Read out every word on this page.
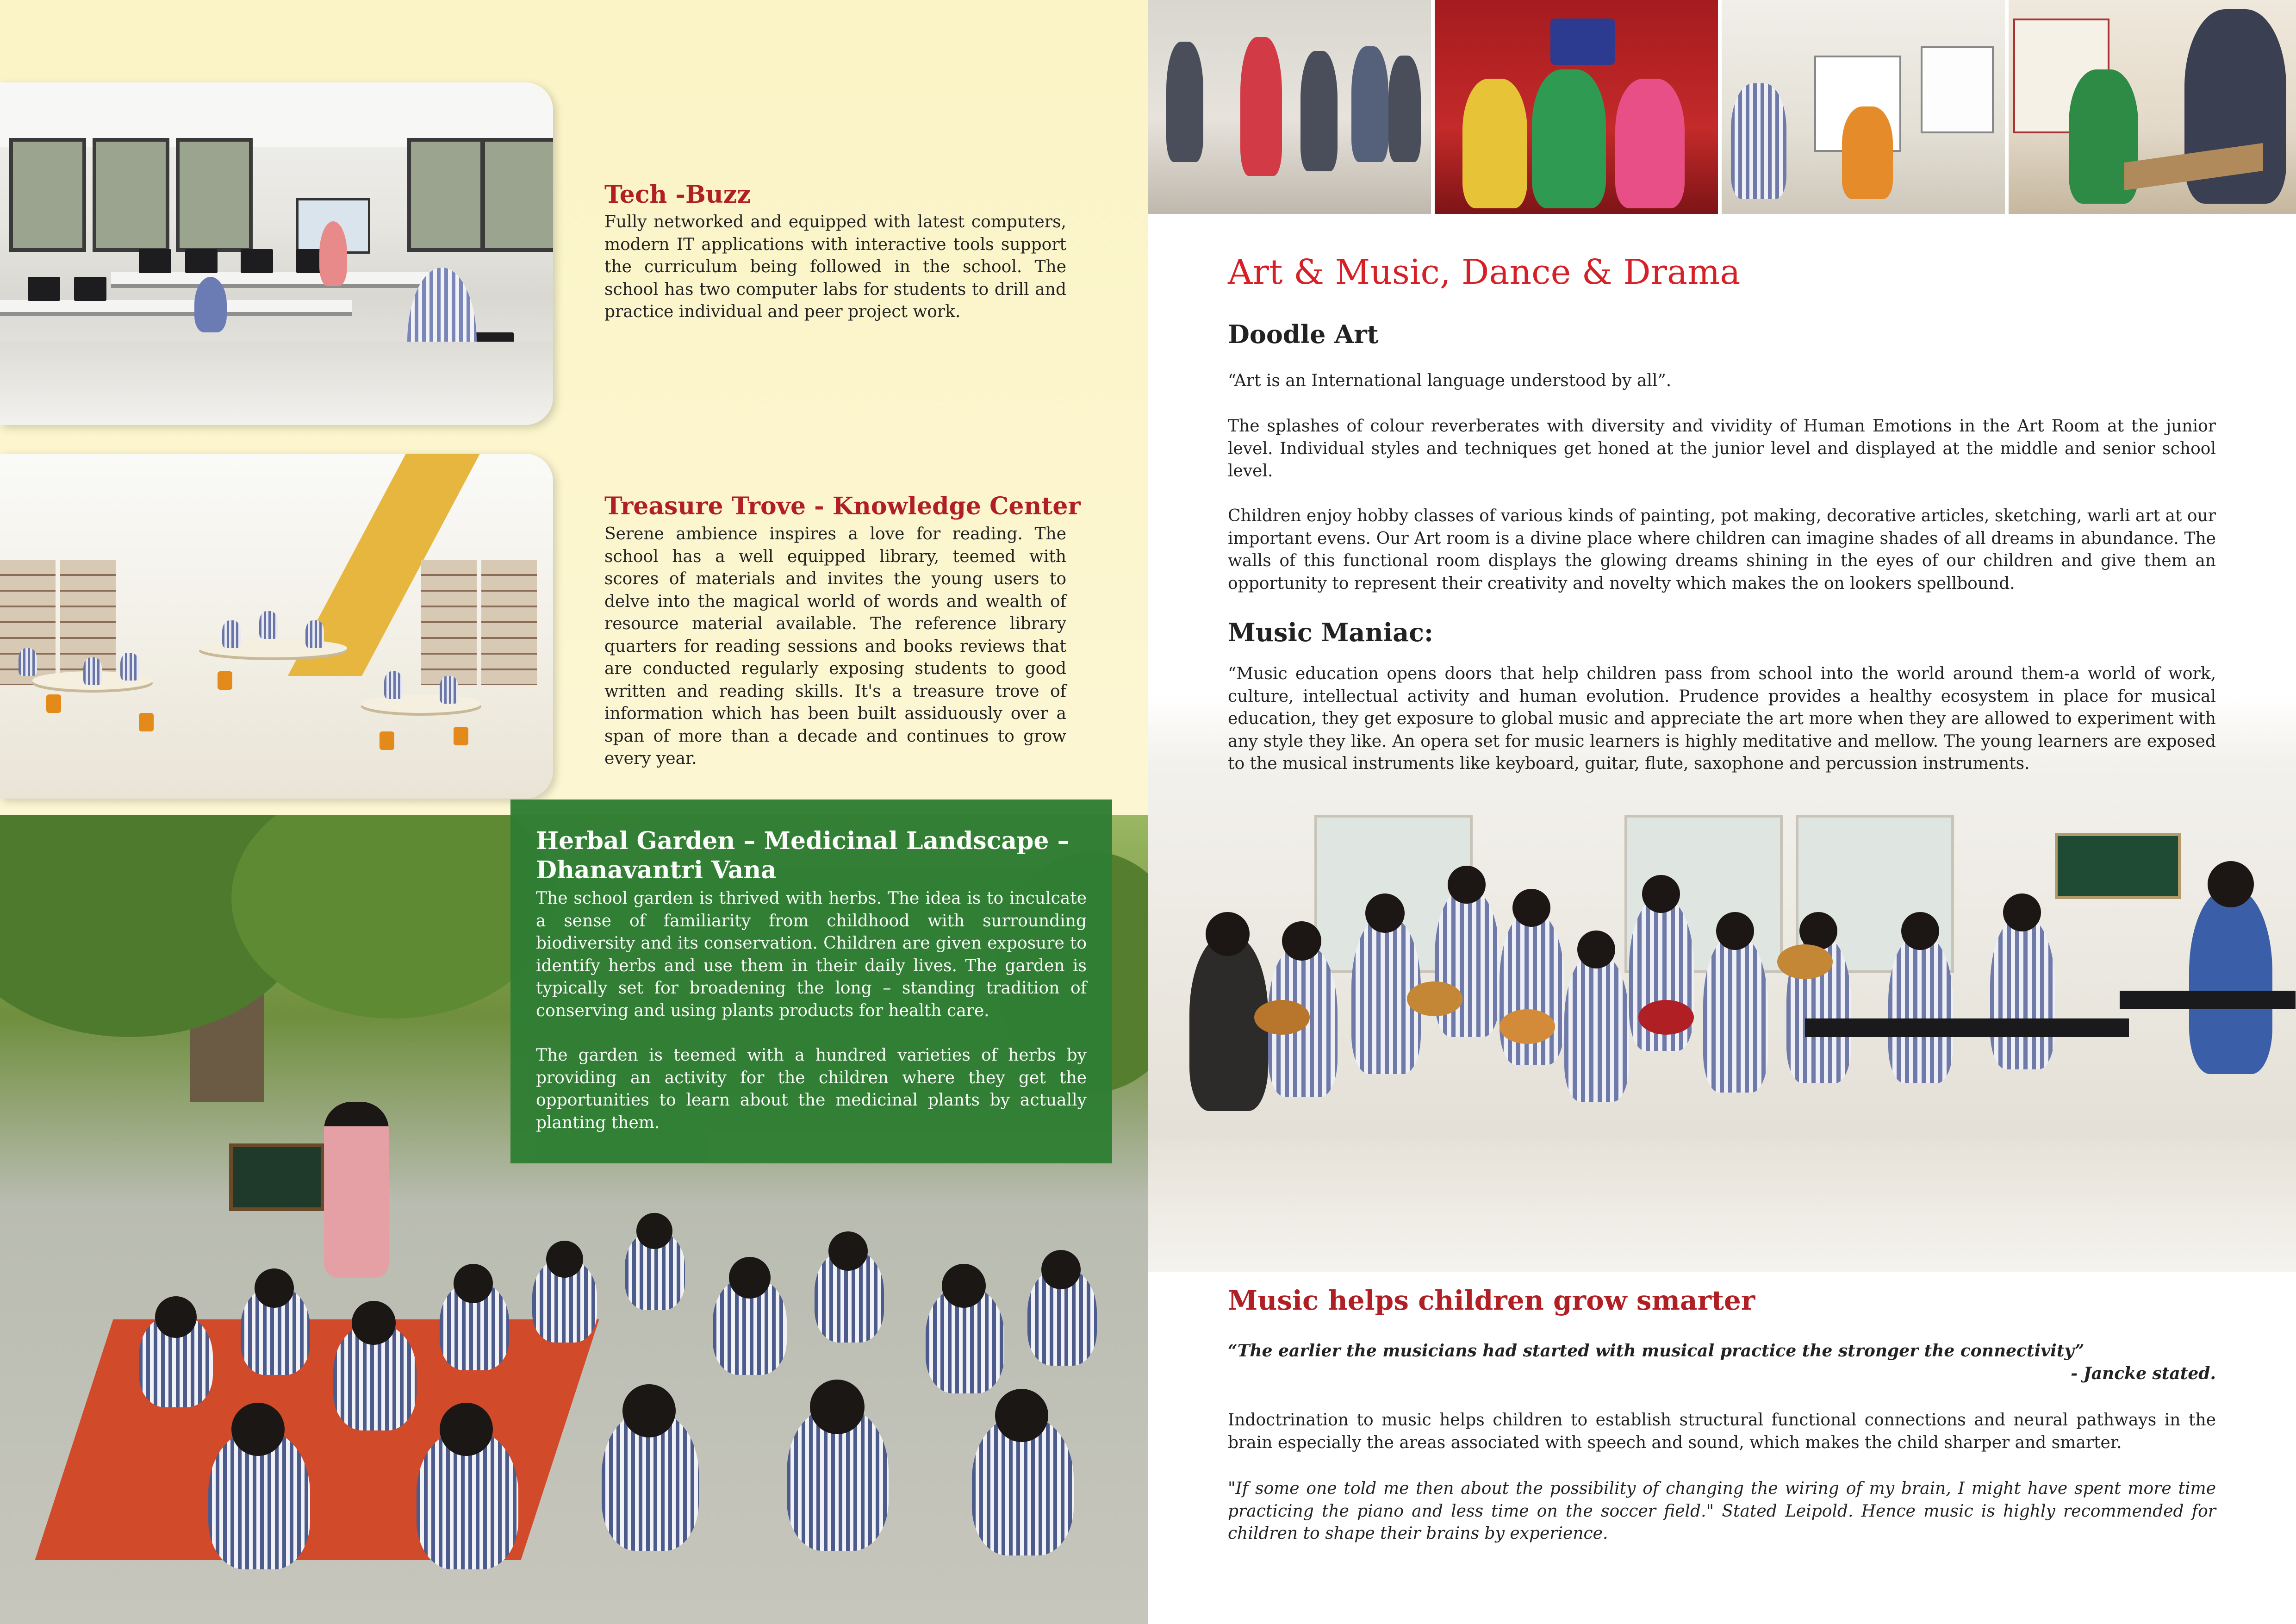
Tech -Buzz
Fully networked and equipped with latest computers, modern IT applications with interactive tools support the curriculum being followed in the school. The school has two computer labs for students to drill and practice individual and peer project work.
Treasure Trove - Knowledge Center
Serene ambience inspires a love for reading. The school has a well equipped library, teemed with scores of materials and invites the young users to delve into the magical world of words and wealth of resource material available. The reference library quarters for reading sessions and books reviews that are conducted regularly exposing students to good written and reading skills. It's a treasure trove of information which has been built assiduously over a span of more than a decade and continues to grow every year.
Herbal Garden – Medicinal Landscape – Dhanavantri Vana
The school garden is thrived with herbs. The idea is to inculcate a sense of familiarity from childhood with surrounding biodiversity and its conservation. Children are given exposure to identify herbs and use them in their daily lives. The garden is typically set for broadening the long – standing tradition of conserving and using plants products for health care.
The garden is teemed with a hundred varieties of herbs by providing an activity for the children where they get the opportunities to learn about the medicinal plants by actually planting them.
Art & Music, Dance & Drama
Doodle Art
“Art is an International language understood by all”.
The splashes of colour reverberates with diversity and vividity of Human Emotions in the Art Room at the junior level. Individual styles and techniques get honed at the junior level and displayed at the middle and senior school level.
Children enjoy hobby classes of various kinds of painting, pot making, decorative articles, sketching, warli art at our important evens. Our Art room is a divine place where children can imagine shades of all dreams in abundance. The walls of this functional room displays the glowing dreams shining in the eyes of our children and give them an opportunity to represent their creativity and novelty which makes the on lookers spellbound.
Music Maniac:
“Music education opens doors that help children pass from school into the world around them-a world of work, culture, intellectual activity and human evolution. Prudence provides a healthy ecosystem in place for musical education, they get exposure to global music and appreciate the art more when they are allowed to experiment with any style they like. An opera set for music learners is highly meditative and mellow. The young learners are exposed to the musical instruments like keyboard, guitar, flute, saxophone and percussion instruments.
Music helps children grow smarter
“The earlier the musicians had started with musical practice the stronger the connectivity”
- Jancke stated.
Indoctrination to music helps children to establish structural functional connections and neural pathways in the brain especially the areas associated with speech and sound, which makes the child sharper and smarter.
"If some one told me then about the possibility of changing the wiring of my brain, I might have spent more time practicing the piano and less time on the soccer field." Stated Leipold. Hence music is highly recommended for children to shape their brains by experience.
